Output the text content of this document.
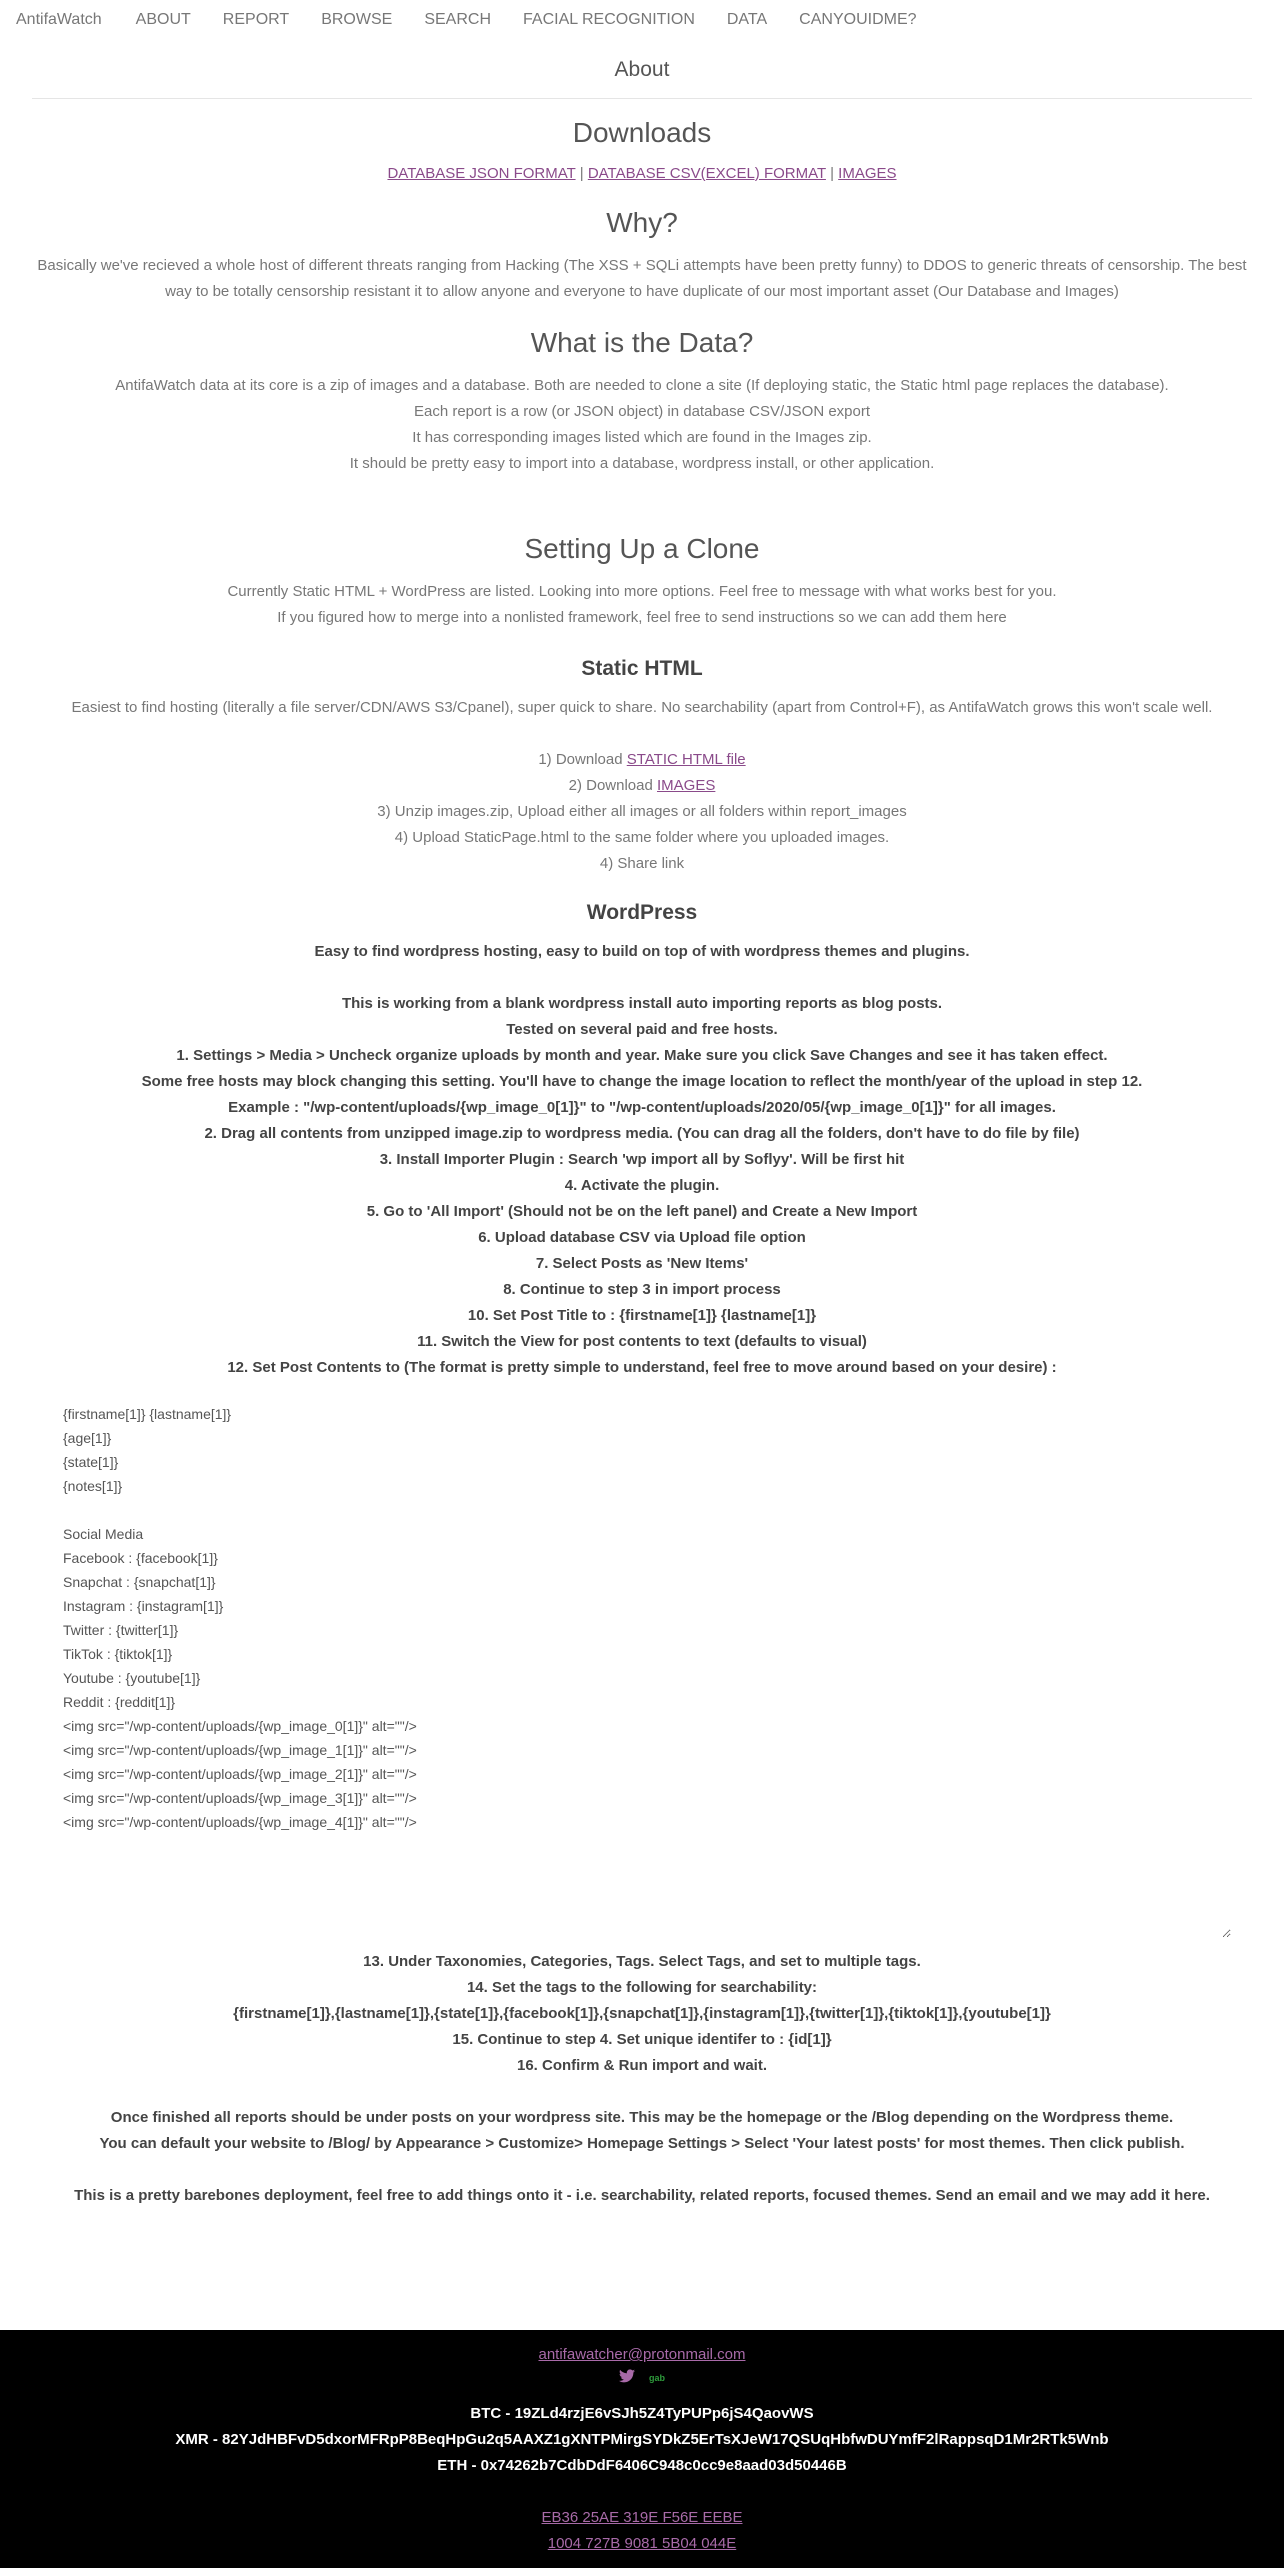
AntifaWatch ABOUT REPORT BROWSE SEARCH FACIAL RECOGNITION DATA CANYOUIDME?
About
Downloads
DATABASE JSON FORMAT | DATABASE CSV(EXCEL) FORMAT | IMAGES
Why?
Basically we've recieved a whole host of different threats ranging from Hacking (The XSS + SQLi attempts have been pretty funny) to DDOS to generic threats of censorship. The best way to be totally censorship resistant it to allow anyone and everyone to have duplicate of our most important asset (Our Database and Images)
What is the Data?
AntifaWatch data at its core is a zip of images and a database. Both are needed to clone a site (If deploying static, the Static html page replaces the database).
Each report is a row (or JSON object) in database CSV/JSON export
It has corresponding images listed which are found in the Images zip.
It should be pretty easy to import into a database, wordpress install, or other application.
Setting Up a Clone
Currently Static HTML + WordPress are listed. Looking into more options. Feel free to message with what works best for you.
If you figured how to merge into a nonlisted framework, feel free to send instructions so we can add them here
Static HTML
Easiest to find hosting (literally a file server/CDN/AWS S3/Cpanel), super quick to share. No searchability (apart from Control+F), as AntifaWatch grows this won't scale well.
1) Download STATIC HTML file
2) Download IMAGES
3) Unzip images.zip, Upload either all images or all folders within report_images
4) Upload StaticPage.html to the same folder where you uploaded images.
4) Share link
WordPress
Easy to find wordpress hosting, easy to build on top of with wordpress themes and plugins.
This is working from a blank wordpress install auto importing reports as blog posts.
Tested on several paid and free hosts.
1. Settings > Media > Uncheck organize uploads by month and year. Make sure you click Save Changes and see it has taken effect.
Some free hosts may block changing this setting. You'll have to change the image location to reflect the month/year of the upload in step 12. Example : "/wp-content/uploads/{wp_image_0[1]}" to "/wp-content/uploads/2020/05/{wp_image_0[1]}" for all images.
2. Drag all contents from unzipped image.zip to wordpress media. (You can drag all the folders, don't have to do file by file)
3. Install Importer Plugin : Search 'wp import all by Soflyy'. Will be first hit
4. Activate the plugin.
5. Go to 'All Import' (Should not be on the left panel) and Create a New Import
6. Upload database CSV via Upload file option
7. Select Posts as 'New Items'
8. Continue to step 3 in import process
10. Set Post Title to : {firstname[1]} {lastname[1]}
11. Switch the View for post contents to text (defaults to visual)
12. Set Post Contents to (The format is pretty simple to understand, feel free to move around based on your desire) :
{firstname[1]} {lastname[1]} {age[1]} {state[1]} {notes[1]} Social Media Facebook : {facebook[1]} Snapchat : {snapchat[1]} Instagram : {instagram[1]} Twitter : {twitter[1]} TikTok : {tiktok[1]} Youtube : {youtube[1]} Reddit : {reddit[1]} <img src="/wp-content/uploads/{wp_image_0[1]}" alt=""/> <img src="/wp-content/uploads/{wp_image_1[1]}" alt=""/> <img src="/wp-content/uploads/{wp_image_2[1]}" alt=""/> <img src="/wp-content/uploads/{wp_image_3[1]}" alt=""/> <img src="/wp-content/uploads/{wp_image_4[1]}" alt=""/>
13. Under Taxonomies, Categories, Tags. Select Tags, and set to multiple tags.
14. Set the tags to the following for searchability:
{firstname[1]},{lastname[1]},{state[1]},{facebook[1]},{snapchat[1]},{instagram[1]},{twitter[1]},{tiktok[1]},{youtube[1]}
15. Continue to step 4. Set unique identifer to : {id[1]}
16. Confirm & Run import and wait.
Once finished all reports should be under posts on your wordpress site. This may be the homepage or the /Blog depending on the Wordpress theme.
You can default your website to /Blog/ by Appearance > Customize> Homepage Settings > Select 'Your latest posts' for most themes. Then click publish.
This is a pretty barebones deployment, feel free to add things onto it - i.e. searchability, related reports, focused themes. Send an email and we may add it here.
antifawatcher@protonmail.com
gab
BTC - 19ZLd4rzjE6vSJh5Z4TyPUPp6jS4QaovWS
XMR - 82YJdHBFvD5dxorMFRpP8BeqHpGu2q5AAXZ1gXNTPMirgSYDkZ5ErTsXJeW17QSUqHbfwDUYmfF2lRappsqD1Mr2RTk5Wnb
ETH - 0x74262b7CdbDdF6406C948c0cc9e8aad03d50446B
EB36 25AE 319E F56E EEBE
1004 727B 9081 5B04 044E
